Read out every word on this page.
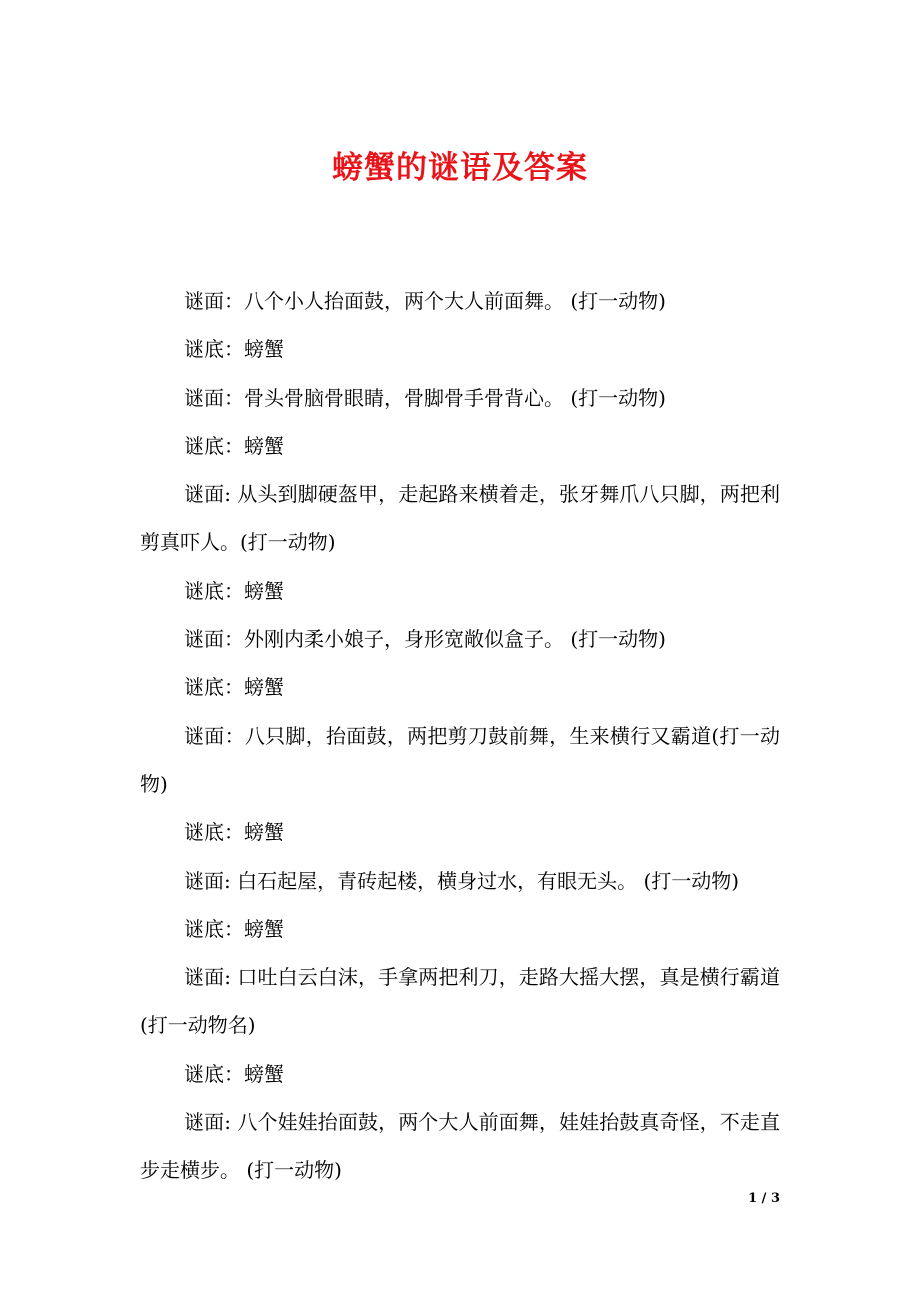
螃蟹的谜语及答案

谜面：八个小人抬面鼓，两个大人前面舞。 (打一动物)

谜底：螃蟹

谜面：骨头骨脑骨眼睛，骨脚骨手骨背心。 (打一动物)

谜底：螃蟹

谜面: 从头到脚硬盔甲，走起路来横着走，张牙舞爪八只脚，两把利剪真吓人。(打一动物)

谜底：螃蟹

谜面：外刚内柔小娘子，身形宽敞似盒子。 (打一动物)

谜底：螃蟹

谜面：八只脚，抬面鼓，两把剪刀鼓前舞，生来横行又霸道(打一动物)

谜底：螃蟹

谜面: 白石起屋，青砖起楼，横身过水，有眼无头。 (打一动物)

谜底：螃蟹

谜面: 口吐白云白沫，手拿两把利刀，走路大摇大摆，真是横行霸道(打一动物名)

谜底：螃蟹

谜面: 八个娃娃抬面鼓，两个大人前面舞，娃娃抬鼓真奇怪，不走直步走横步。 (打一动物)

1 / 3
